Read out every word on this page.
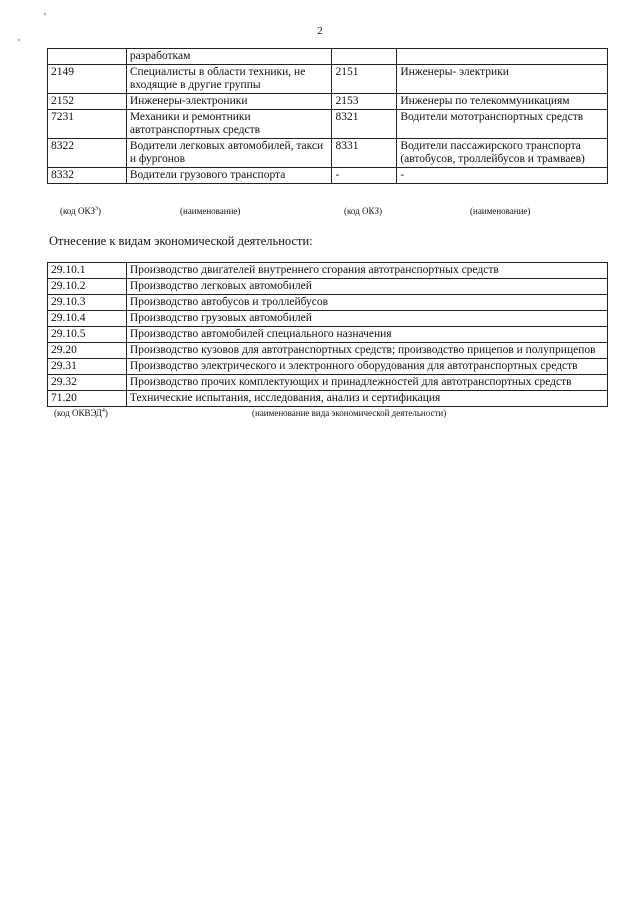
'
'
2
	разработкам		
2149	Специалисты в области техники, не входящие в другие группы	2151	Инженеры- электрики
2152	Инженеры-электроники	2153	Инженеры по телекоммуникациям
7231	Механики и ремонтники автотранспортных средств	8321	Водители мототранспортных средств
8322	Водители легковых автомобилей, такси и фургонов	8331	Водители пассажирского транспорта (автобусов, троллейбусов и трамваев)
8332	Водители грузового транспорта	-	-
(код ОКЗ$^3$)	(наименование)	(код ОКЗ)	(наименование)
Отнесение к видам экономической деятельности:
29.10.1	Производство двигателей внутреннего сгорания автотранспортных средств
29.10.2	Производство легковых автомобилей
29.10.3	Производство автобусов и троллейбусов
29.10.4	Производство грузовых автомобилей
29.10.5	Производство автомобилей специального назначения
29.20	Производство кузовов для автотранспортных средств; производство прицепов и полуприцепов
29.31	Производство электрического и электронного оборудования для автотранспортных средств
29.32	Производство прочих комплектующих и принадлежностей для автотранспортных средств
71.20	Технические испытания, исследования, анализ и сертификация
(код ОКВЭД$^4$)	(наименование вида экономической деятельности)
